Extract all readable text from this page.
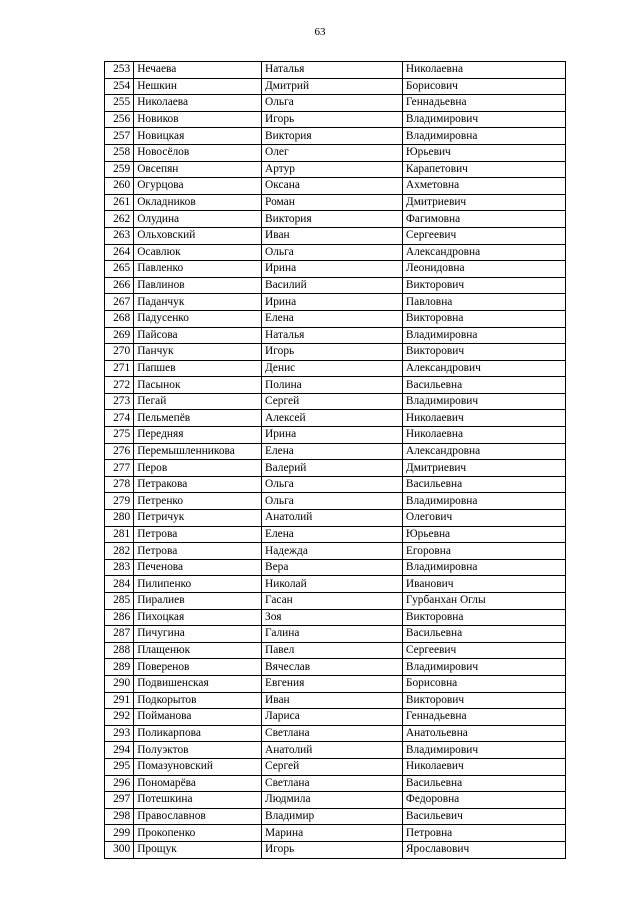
63
253	Нечаева	Наталья	Николаевна
254	Нешкин	Дмитрий	Борисович
255	Николаева	Ольга	Геннадьевна
256	Новиков	Игорь	Владимирович
257	Новицкая	Виктория	Владимировна
258	Новосёлов	Олег	Юрьевич
259	Овсепян	Артур	Карапетович
260	Огурцова	Оксана	Ахметовна
261	Окладников	Роман	Дмитриевич
262	Олудина	Виктория	Фагимовна
263	Ольховский	Иван	Сергеевич
264	Осавлюк	Ольга	Александровна
265	Павленко	Ирина	Леонидовна
266	Павлинов	Василий	Викторович
267	Паданчук	Ирина	Павловна
268	Падусенко	Елена	Викторовна
269	Пайсова	Наталья	Владимировна
270	Панчук	Игорь	Викторович
271	Папшев	Денис	Александрович
272	Пасынок	Полина	Васильевна
273	Пегай	Сергей	Владимирович
274	Пельмепёв	Алексей	Николаевич
275	Передняя	Ирина	Николаевна
276	Перемышленникова	Елена	Александровна
277	Перов	Валерий	Дмитриевич
278	Петракова	Ольга	Васильевна
279	Петренко	Ольга	Владимировна
280	Петричук	Анатолий	Олегович
281	Петрова	Елена	Юрьевна
282	Петрова	Надежда	Егоровна
283	Печенова	Вера	Владимировна
284	Пилипенко	Николай	Иванович
285	Пиралиев	Гасан	Гурбанхан Оглы
286	Пихоцкая	Зоя	Викторовна
287	Пичугина	Галина	Васильевна
288	Плащенюк	Павел	Сергеевич
289	Поверенов	Вячеслав	Владимирович
290	Подвишенская	Евгения	Борисовна
291	Подкорытов	Иван	Викторович
292	Пойманова	Лариса	Геннадьевна
293	Поликарпова	Светлана	Анатольевна
294	Полуэктов	Анатолий	Владимирович
295	Помазуновский	Сергей	Николаевич
296	Пономарёва	Светлана	Васильевна
297	Потешкина	Людмила	Федоровна
298	Православнов	Владимир	Васильевич
299	Прокопенко	Марина	Петровна
300	Прощук	Игорь	Ярославович
